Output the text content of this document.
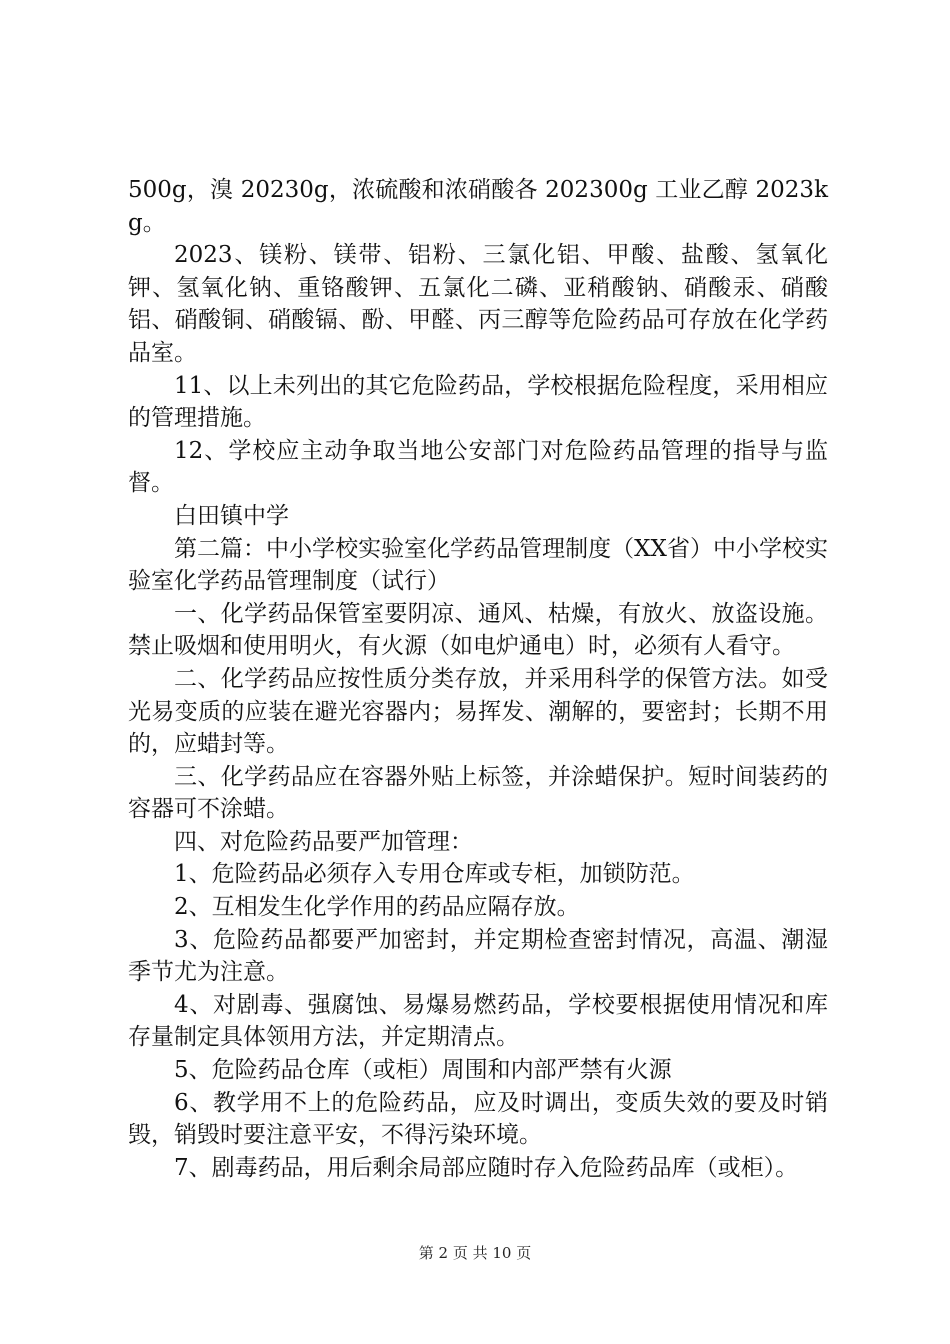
500g，溴 20230g，浓硫酸和浓硝酸各 202300g 工业乙醇 2023kg。

2023、镁粉、镁带、铝粉、三氯化铝、甲酸、盐酸、氢氧化钾、氢氧化钠、重铬酸钾、五氯化二磷、亚稍酸钠、硝酸汞、硝酸铝、硝酸铜、硝酸镉、酚、甲醛、丙三醇等危险药品可存放在化学药品室。

11、以上未列出的其它危险药品，学校根据危险程度，采用相应的管理措施。

12、学校应主动争取当地公安部门对危险药品管理的指导与监督。

白田镇中学

第二篇：中小学校实验室化学药品管理制度（XX省）中小学校实验室化学药品管理制度（试行）

一、化学药品保管室要阴凉、通风、枯燥，有放火、放盗设施。禁止吸烟和使用明火，有火源（如电炉通电）时，必须有人看守。

二、化学药品应按性质分类存放，并采用科学的保管方法。如受光易变质的应装在避光容器内；易挥发、潮解的，要密封；长期不用的，应蜡封等。

三、化学药品应在容器外贴上标签，并涂蜡保护。短时间装药的容器可不涂蜡。

四、对危险药品要严加管理：

1、危险药品必须存入专用仓库或专柜，加锁防范。

2、互相发生化学作用的药品应隔存放。

3、危险药品都要严加密封，并定期检查密封情况，高温、潮湿季节尤为注意。

4、对剧毒、强腐蚀、易爆易燃药品，学校要根据使用情况和库存量制定具体领用方法，并定期清点。

5、危险药品仓库（或柜）周围和内部严禁有火源

6、教学用不上的危险药品，应及时调出，变质失效的要及时销毁，销毁时要注意平安，不得污染环境。

7、剧毒药品，用后剩余局部应随时存入危险药品库（或柜）。

第 2 页 共 10 页
